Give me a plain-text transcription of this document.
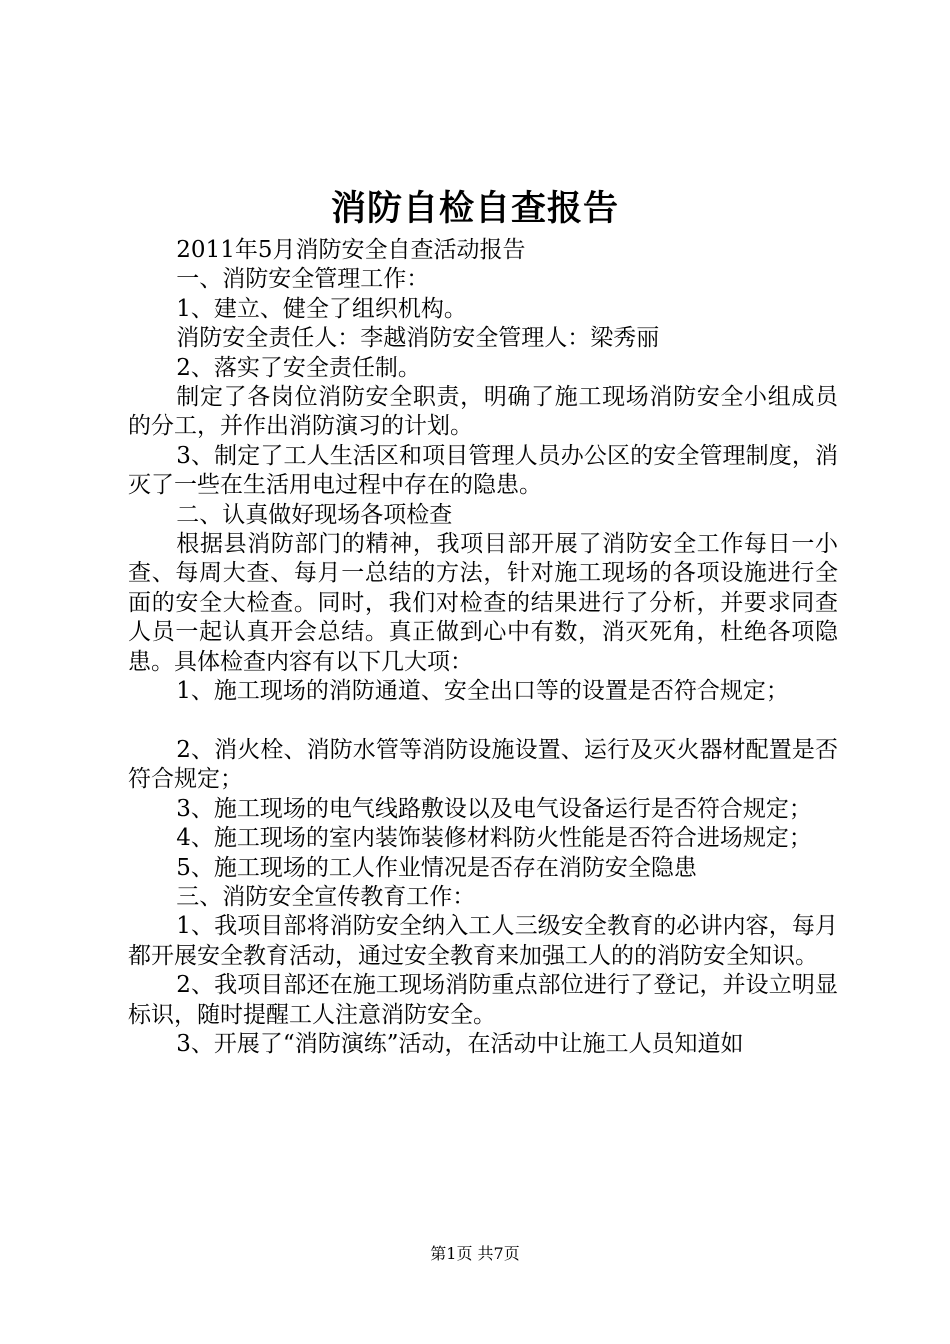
消防自检自查报告

2011年5月消防安全自查活动报告

一、消防安全管理工作：

1、建立、健全了组织机构。

消防安全责任人：李越消防安全管理人：梁秀丽

2、落实了安全责任制。

制定了各岗位消防安全职责，明确了施工现场消防安全小组成员的分工，并作出消防演习的计划。

3、制定了工人生活区和项目管理人员办公区的安全管理制度，消灭了一些在生活用电过程中存在的隐患。

二、认真做好现场各项检查

根据县消防部门的精神，我项目部开展了消防安全工作每日一小查、每周大查、每月一总结的方法，针对施工现场的各项设施进行全面的安全大检查。同时，我们对检查的结果进行了分析，并要求同查人员一起认真开会总结。真正做到心中有数，消灭死角，杜绝各项隐患。具体检查内容有以下几大项：

1、施工现场的消防通道、安全出口等的设置是否符合规定；

2、消火栓、消防水管等消防设施设置、运行及灭火器材配置是否符合规定；

3、施工现场的电气线路敷设以及电气设备运行是否符合规定；

4、施工现场的室内装饰装修材料防火性能是否符合进场规定；

5、施工现场的工人作业情况是否存在消防安全隐患

三、消防安全宣传教育工作：

1、我项目部将消防安全纳入工人三级安全教育的必讲内容，每月都开展安全教育活动，通过安全教育来加强工人的的消防安全知识。

2、我项目部还在施工现场消防重点部位进行了登记，并设立明显标识，随时提醒工人注意消防安全。

3、开展了“消防演练”活动，在活动中让施工人员知道如

第1页 共7页
